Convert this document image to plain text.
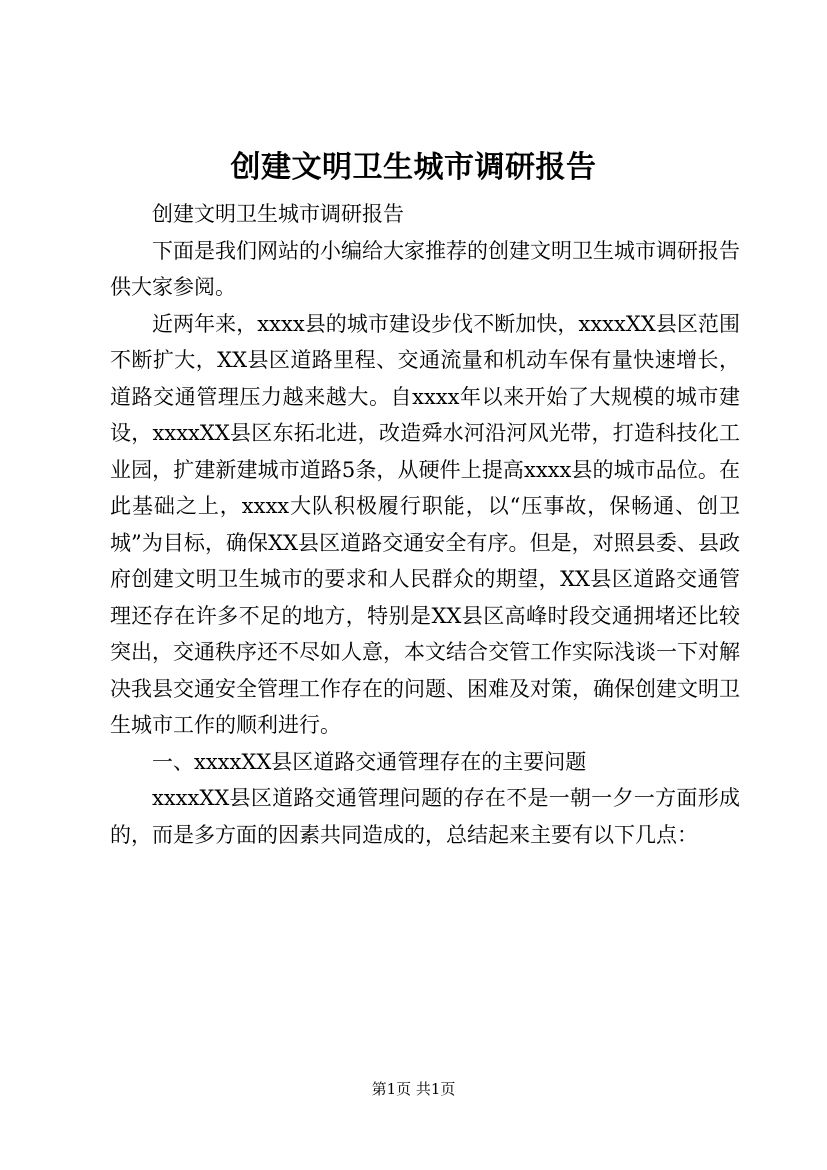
创建文明卫生城市调研报告

创建文明卫生城市调研报告

下面是我们网站的小编给大家推荐的创建文明卫生城市调研报告供大家参阅。

近两年来，xxxx县的城市建设步伐不断加快，xxxxXX县区范围不断扩大，XX县区道路里程、交通流量和机动车保有量快速增长，道路交通管理压力越来越大。自xxxx年以来开始了大规模的城市建设，xxxxXX县区东拓北进，改造舜水河沿河风光带，打造科技化工业园，扩建新建城市道路5条，从硬件上提高xxxx县的城市品位。在此基础之上，xxxx大队积极履行职能，以“压事故，保畅通、创卫城”为目标，确保XX县区道路交通安全有序。但是，对照县委、县政府创建文明卫生城市的要求和人民群众的期望，XX县区道路交通管理还存在许多不足的地方，特别是XX县区高峰时段交通拥堵还比较突出，交通秩序还不尽如人意，本文结合交管工作实际浅谈一下对解决我县交通安全管理工作存在的问题、困难及对策，确保创建文明卫生城市工作的顺利进行。

一、xxxxXX县区道路交通管理存在的主要问题

xxxxXX县区道路交通管理问题的存在不是一朝一夕一方面形成的，而是多方面的因素共同造成的，总结起来主要有以下几点：

第1页 共1页
